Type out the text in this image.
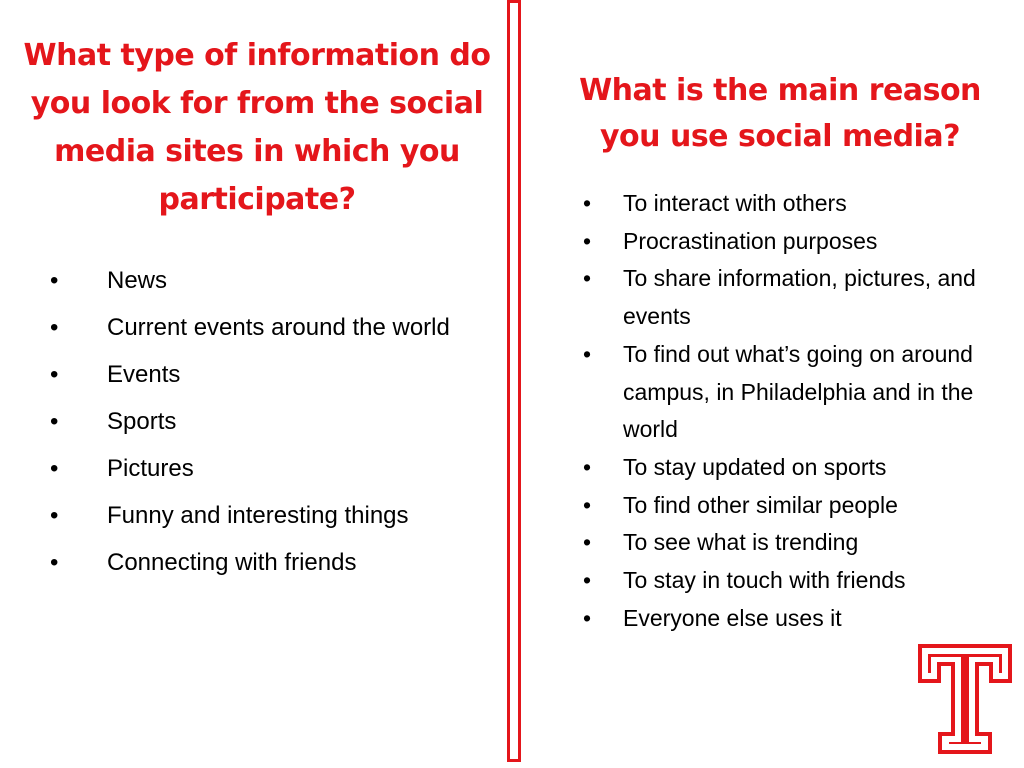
What type of information do you look for from the social media sites in which you participate?
• News
• Current events around the world
• Events
• Sports
• Pictures
• Funny and interesting things
• Connecting with friends
What is the main reason you use social media?
• To interact with others
• Procrastination purposes
• To share information, pictures, and events
• To find out what’s going on around campus, in Philadelphia and in the world
• To stay updated on sports
• To find other similar people
• To see what is trending
• To stay in touch with friends
• Everyone else uses it
